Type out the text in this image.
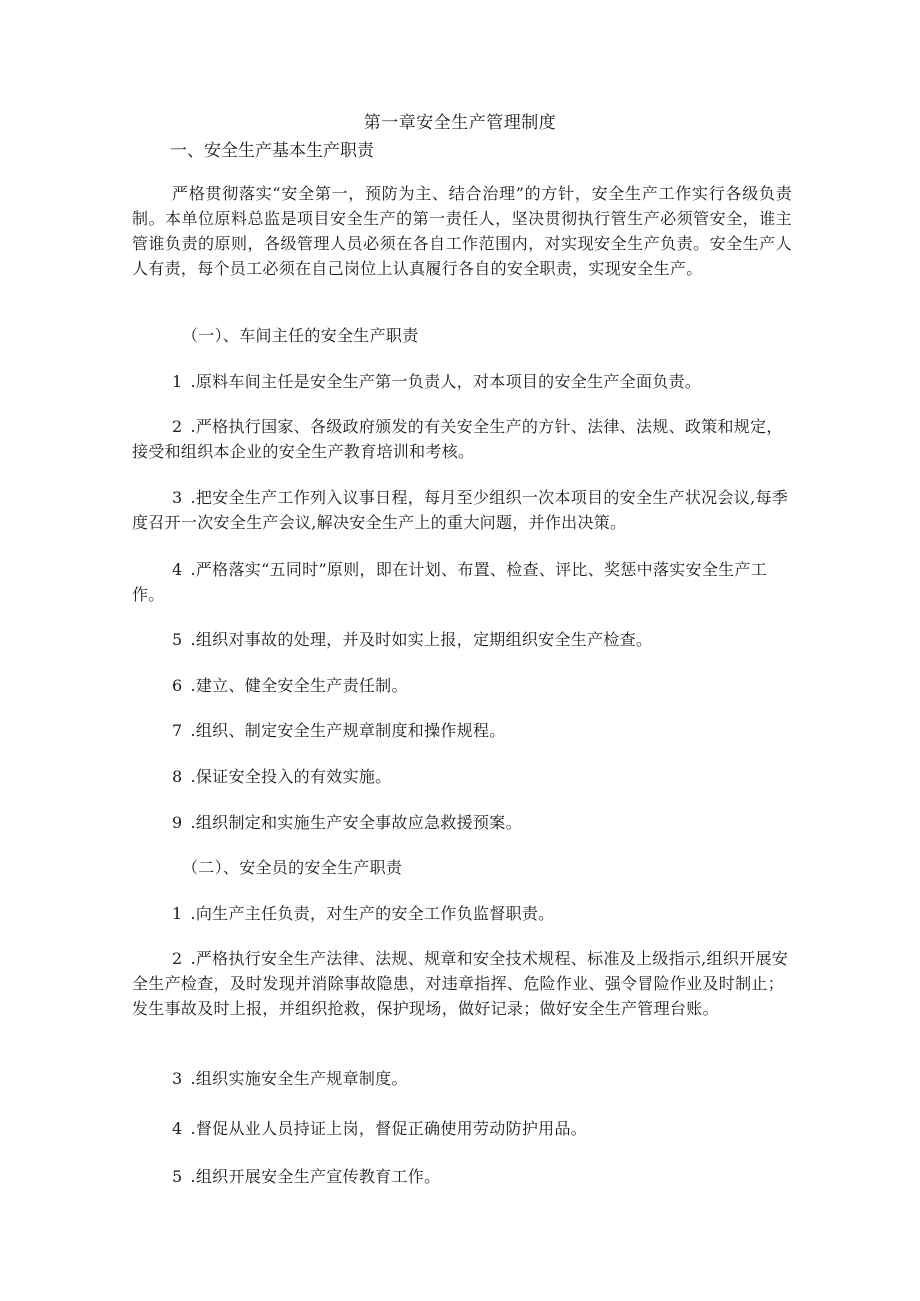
第一章安全生产管理制度
一、安全生产基本生产职责
严格贯彻落实“安全第一，预防为主、结合治理”的方针，安全生产工作实行各级负责制。本单位原料总监是项目安全生产的第一责任人，坚决贯彻执行管生产必须管安全，谁主管谁负责的原则，各级管理人员必须在各自工作范围内，对实现安全生产负责。安全生产人人有责，每个员工必须在自己岗位上认真履行各自的安全职责，实现安全生产。
（一）、车间主任的安全生产职责
1 .原料车间主任是安全生产第一负责人，对本项目的安全生产全面负责。
2 .严格执行国家、各级政府颁发的有关安全生产的方针、法律、法规、政策和规定，接受和组织本企业的安全生产教育培训和考核。
3 .把安全生产工作列入议事日程，每月至少组织一次本项目的安全生产状况会议,每季度召开一次安全生产会议,解决安全生产上的重大问题，并作出决策。
4 .严格落实“五同时”原则，即在计划、布置、检查、评比、奖惩中落实安全生产工作。
5 .组织对事故的处理，并及时如实上报，定期组织安全生产检查。
6 .建立、健全安全生产责任制。
7 .组织、制定安全生产规章制度和操作规程。
8 .保证安全投入的有效实施。
9 .组织制定和实施生产安全事故应急救援预案。
（二）、安全员的安全生产职责
1 .向生产主任负责，对生产的安全工作负监督职责。
2 .严格执行安全生产法律、法规、规章和安全技术规程、标准及上级指示,组织开展安全生产检查，及时发现并消除事故隐患，对违章指挥、危险作业、强令冒险作业及时制止；发生事故及时上报，并组织抢救，保护现场，做好记录；做好安全生产管理台账。
3 .组织实施安全生产规章制度。
4 .督促从业人员持证上岗，督促正确使用劳动防护用品。
5 .组织开展安全生产宣传教育工作。
